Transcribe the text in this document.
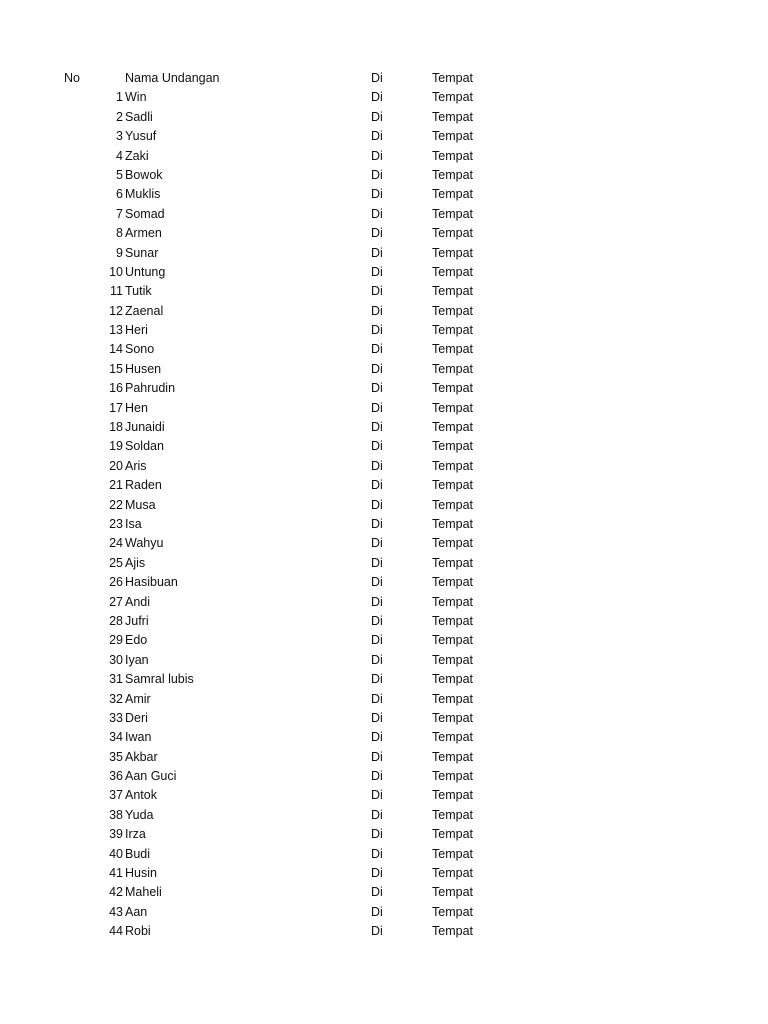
No	Nama Undangan	Di	Tempat
1 Win	Di	Tempat
2 Sadli	Di	Tempat
3 Yusuf	Di	Tempat
4 Zaki	Di	Tempat
5 Bowok	Di	Tempat
6 Muklis	Di	Tempat
7 Somad	Di	Tempat
8 Armen	Di	Tempat
9 Sunar	Di	Tempat
10 Untung	Di	Tempat
11 Tutik	Di	Tempat
12 Zaenal	Di	Tempat
13 Heri	Di	Tempat
14 Sono	Di	Tempat
15 Husen	Di	Tempat
16 Pahrudin	Di	Tempat
17 Hen	Di	Tempat
18 Junaidi	Di	Tempat
19 Soldan	Di	Tempat
20 Aris	Di	Tempat
21 Raden	Di	Tempat
22 Musa	Di	Tempat
23 Isa	Di	Tempat
24 Wahyu	Di	Tempat
25 Ajis	Di	Tempat
26 Hasibuan	Di	Tempat
27 Andi	Di	Tempat
28 Jufri	Di	Tempat
29 Edo	Di	Tempat
30 Iyan	Di	Tempat
31 Samral lubis	Di	Tempat
32 Amir	Di	Tempat
33 Deri	Di	Tempat
34 Iwan	Di	Tempat
35 Akbar	Di	Tempat
36 Aan Guci	Di	Tempat
37 Antok	Di	Tempat
38 Yuda	Di	Tempat
39 Irza	Di	Tempat
40 Budi	Di	Tempat
41 Husin	Di	Tempat
42 Maheli	Di	Tempat
43 Aan	Di	Tempat
44 Robi	Di	Tempat
